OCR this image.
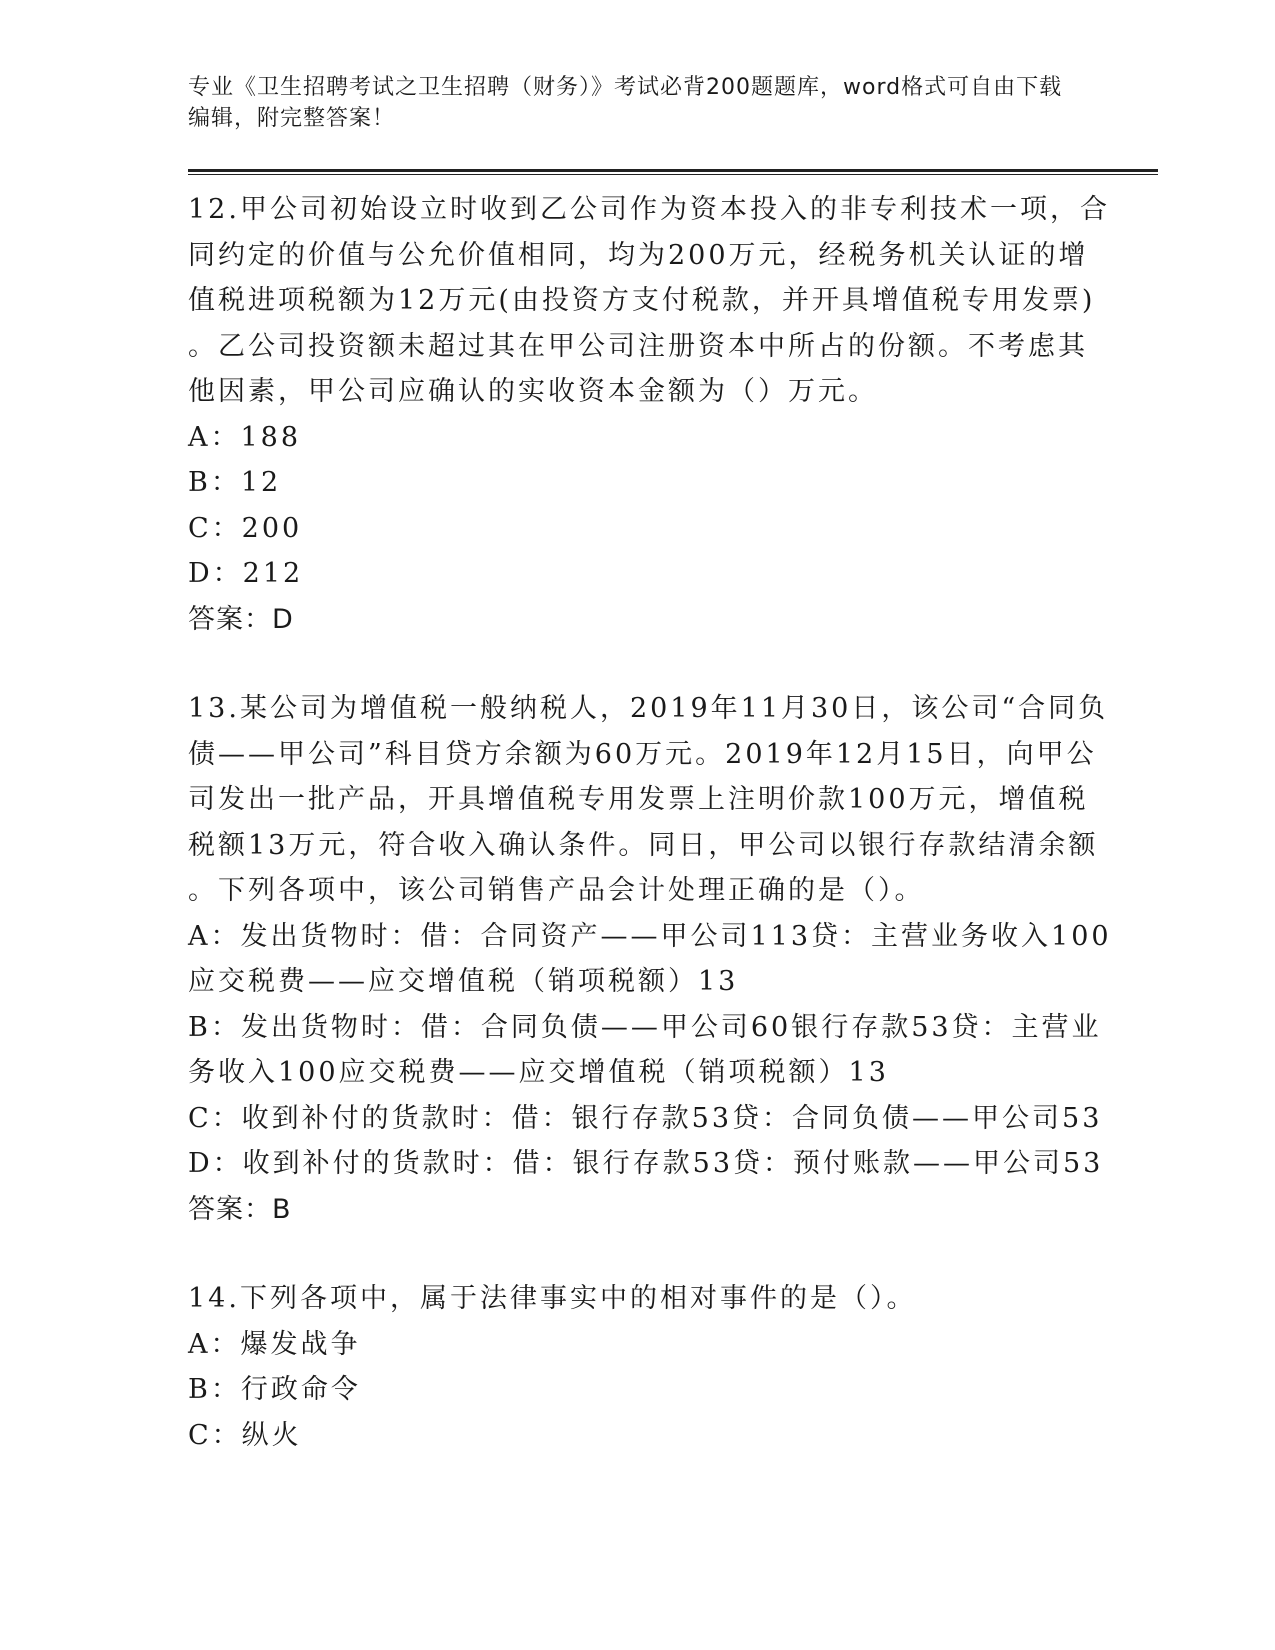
专业《卫生招聘考试之卫生招聘（财务）》考试必背200题题库，word格式可自由下载编辑，附完整答案！

12.甲公司初始设立时收到乙公司作为资本投入的非专利技术一项，合
同约定的价值与公允价值相同，均为200万元，经税务机关认证的增
值税进项税额为12万元(由投资方支付税款，并开具增值税专用发票)
。乙公司投资额未超过其在甲公司注册资本中所占的份额。不考虑其
他因素，甲公司应确认的实收资本金额为（）万元。
A：188
B：12
C：200
D：212
答案：D
13.某公司为增值税一般纳税人，2019年11月30日，该公司“合同负
债——甲公司”科目贷方余额为60万元。2019年12月15日，向甲公
司发出一批产品，开具增值税专用发票上注明价款100万元，增值税
税额13万元，符合收入确认条件。同日，甲公司以银行存款结清余额
。下列各项中，该公司销售产品会计处理正确的是（）。
A：发出货物时：借：合同资产——甲公司113贷：主营业务收入100
应交税费——应交增值税（销项税额）13
B：发出货物时：借：合同负债——甲公司60银行存款53贷：主营业
务收入100应交税费——应交增值税（销项税额）13
C：收到补付的货款时：借：银行存款53贷：合同负债——甲公司53
D：收到补付的货款时：借：银行存款53贷：预付账款——甲公司53
答案：B
14.下列各项中，属于法律事实中的相对事件的是（）。
A：爆发战争
B：行政命令
C：纵火
